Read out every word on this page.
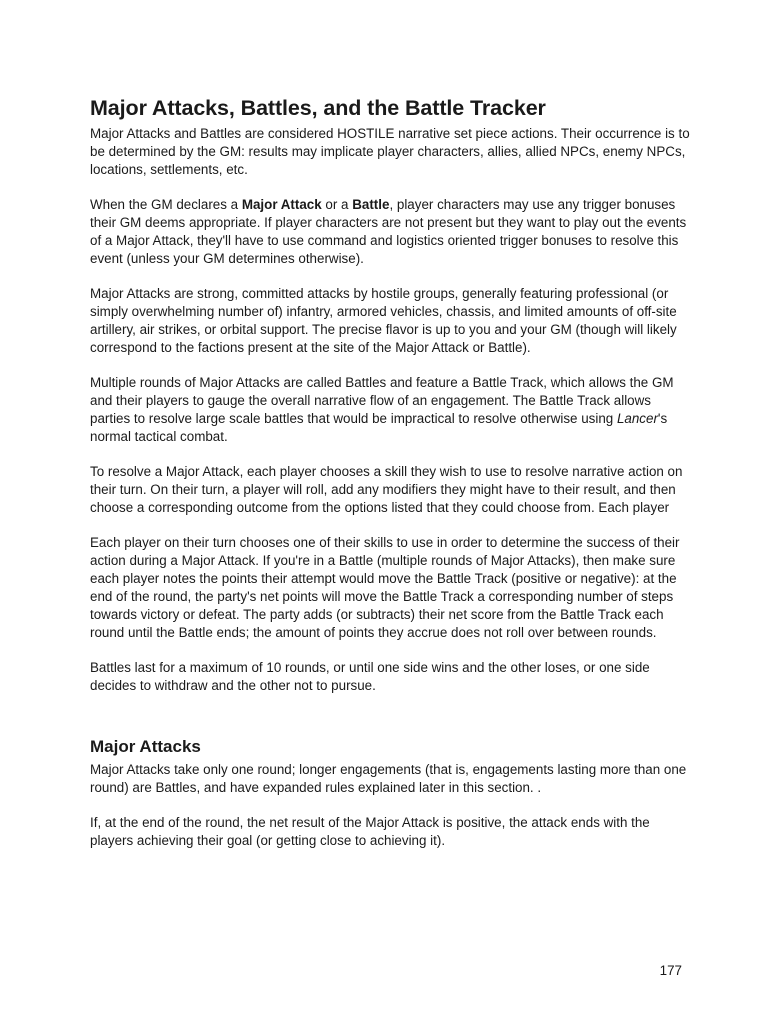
Major Attacks, Battles, and the Battle Tracker

Major Attacks and Battles are considered HOSTILE narrative set piece actions. Their occurrence is to be determined by the GM: results may implicate player characters, allies, allied NPCs, enemy NPCs, locations, settlements, etc.

When the GM declares a Major Attack or a Battle, player characters may use any trigger bonuses their GM deems appropriate. If player characters are not present but they want to play out the events of a Major Attack, they'll have to use command and logistics oriented trigger bonuses to resolve this event (unless your GM determines otherwise).

Major Attacks are strong, committed attacks by hostile groups, generally featuring professional (or simply overwhelming number of) infantry, armored vehicles, chassis, and limited amounts of off-site artillery, air strikes, or orbital support. The precise flavor is up to you and your GM (though will likely correspond to the factions present at the site of the Major Attack or Battle).

Multiple rounds of Major Attacks are called Battles and feature a Battle Track, which allows the GM and their players to gauge the overall narrative flow of an engagement. The Battle Track allows parties to resolve large scale battles that would be impractical to resolve otherwise using Lancer's normal tactical combat.

To resolve a Major Attack, each player chooses a skill they wish to use to resolve narrative action on their turn. On their turn, a player will roll, add any modifiers they might have to their result, and then choose a corresponding outcome from the options listed that they could choose from. Each player

Each player on their turn chooses one of their skills to use in order to determine the success of their action during a Major Attack. If you're in a Battle (multiple rounds of Major Attacks), then make sure each player notes the points their attempt would move the Battle Track (positive or negative): at the end of the round, the party's net points will move the Battle Track a corresponding number of steps towards victory or defeat. The party adds (or subtracts) their net score from the Battle Track each round until the Battle ends; the amount of points they accrue does not roll over between rounds.

Battles last for a maximum of 10 rounds, or until one side wins and the other loses, or one side decides to withdraw and the other not to pursue.

Major Attacks

Major Attacks take only one round; longer engagements (that is, engagements lasting more than one round) are Battles, and have expanded rules explained later in this section. .

If, at the end of the round, the net result of the Major Attack is positive, the attack ends with the players achieving their goal (or getting close to achieving it).

177
